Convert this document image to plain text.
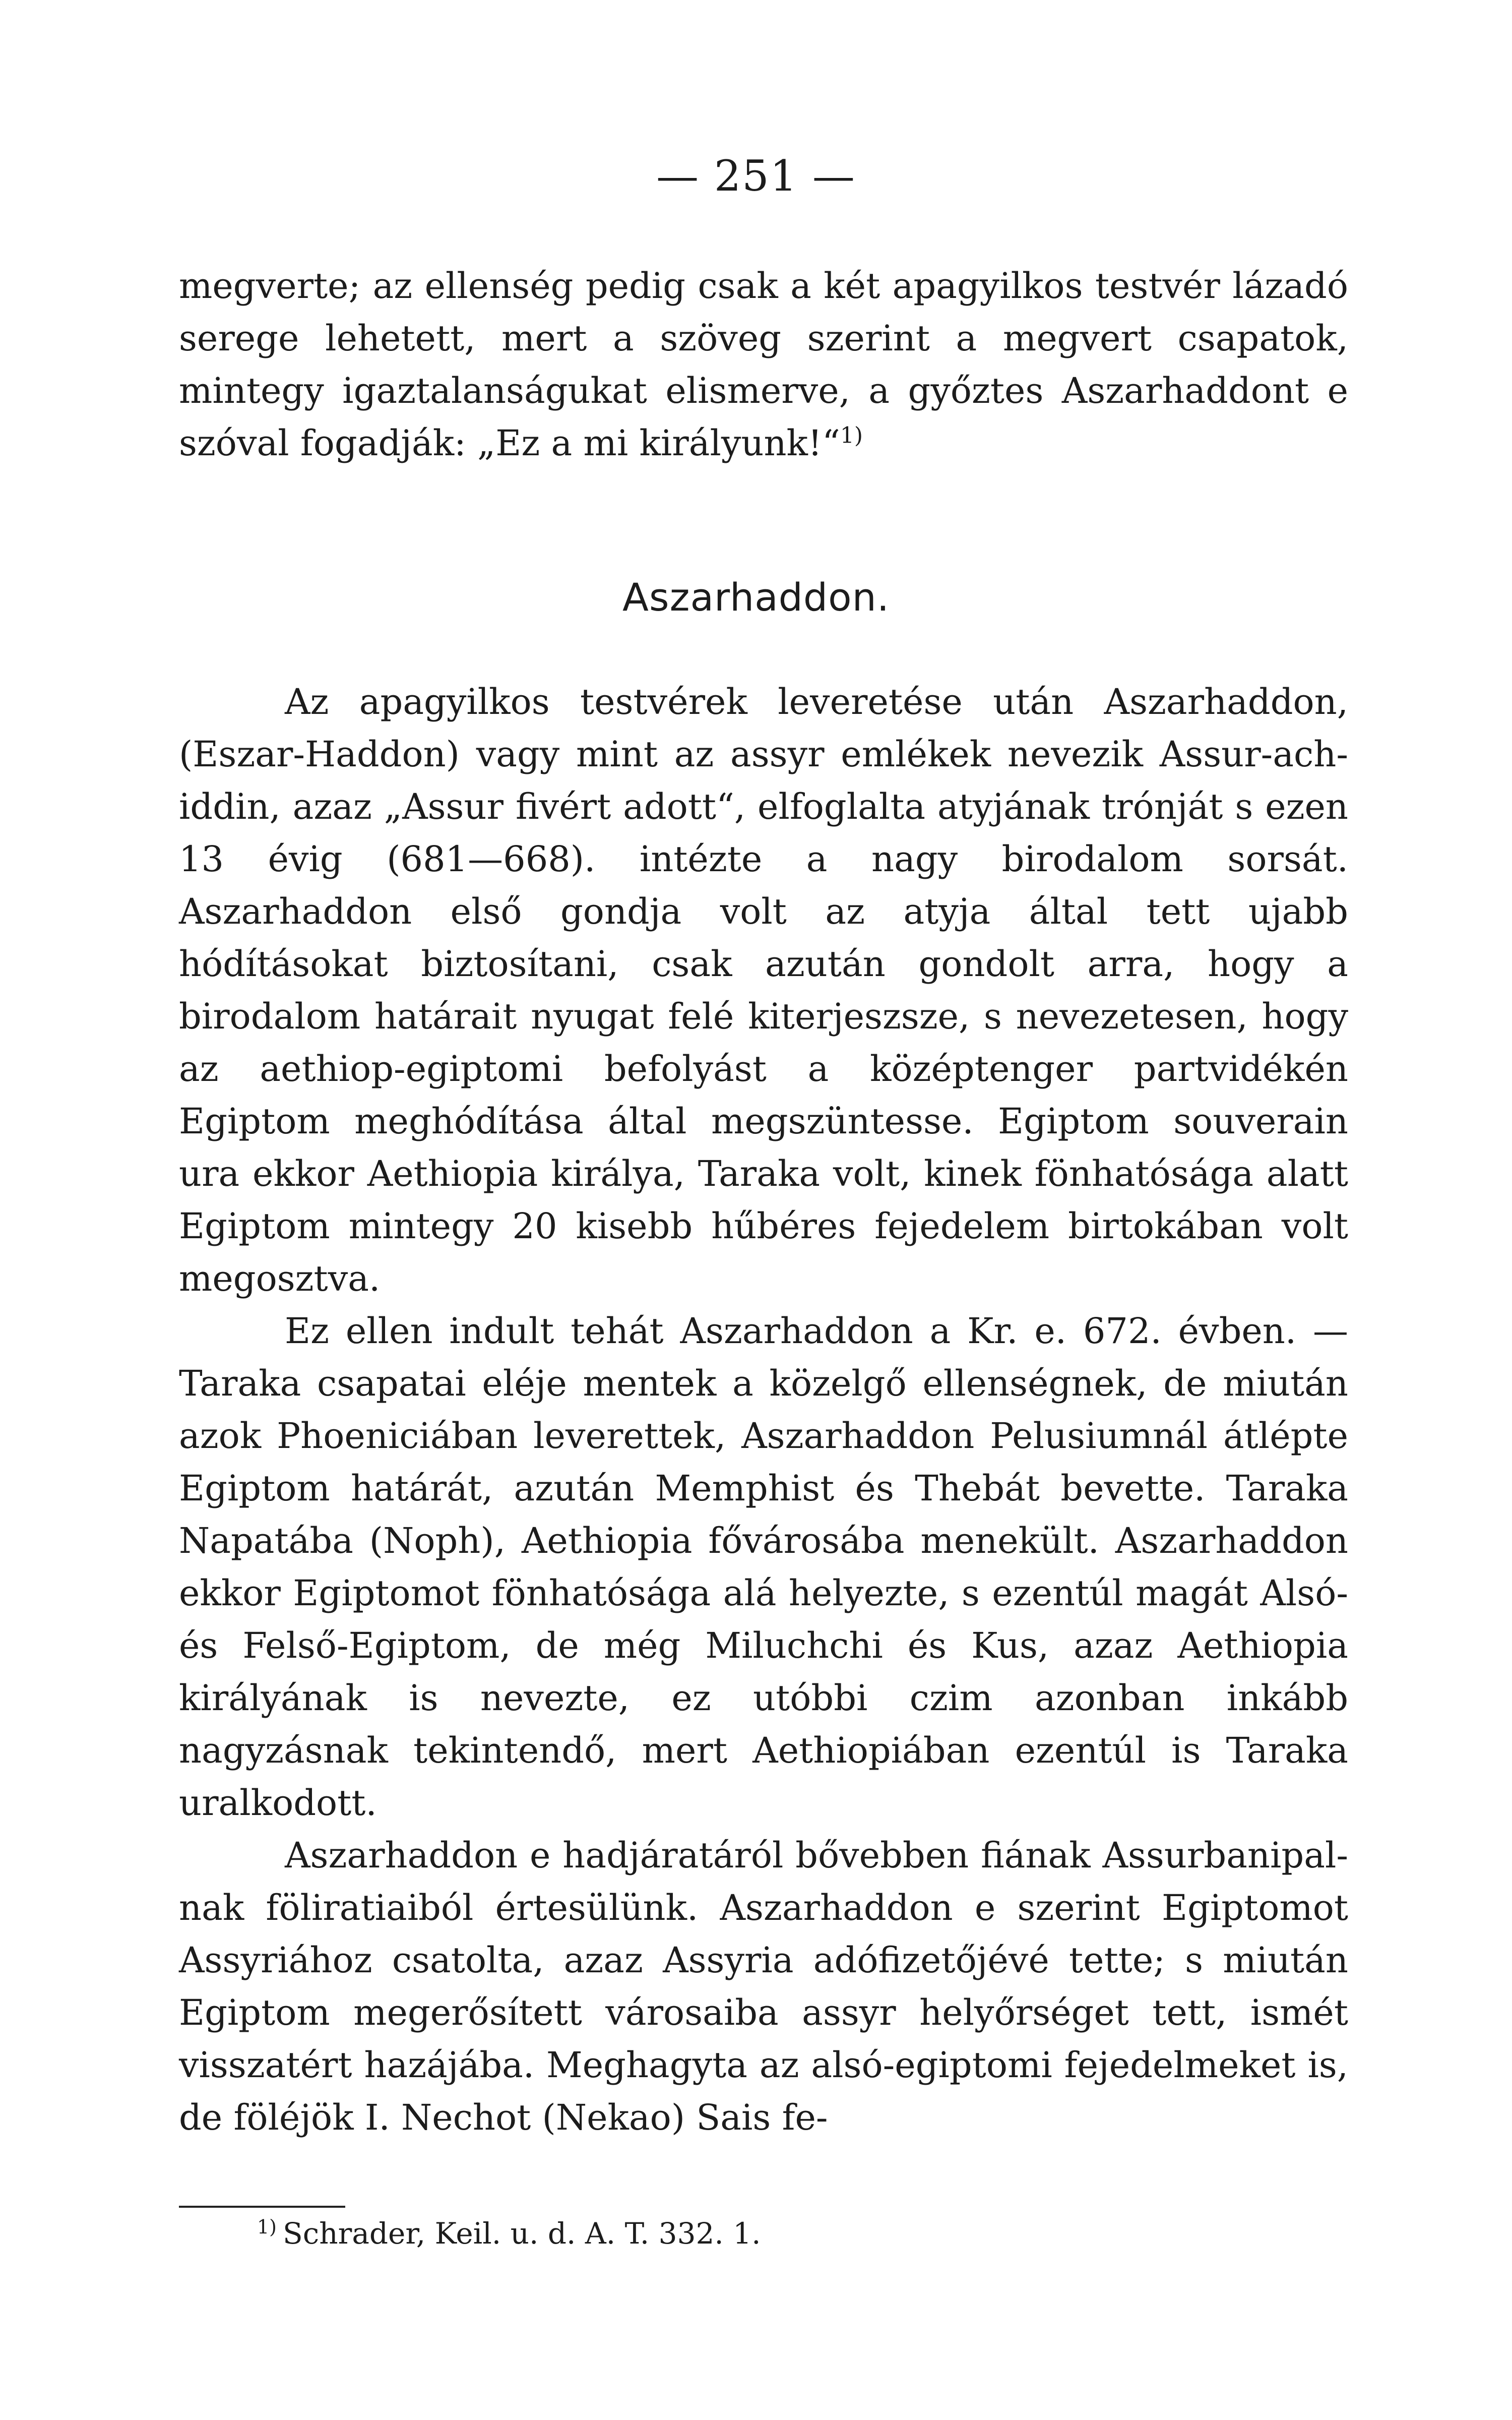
— 251 —

megverte; az ellenség pedig csak a két apagyilkos testvér lázadó serege lehetett, mert a szöveg szerint a megvert csapatok, mintegy igaztalanságukat elismerve, a győztes Aszarhaddont e szóval fogadják: „Ez a mi királyunk!“$^{1)}$

Aszarhaddon.

Az apagyilkos testvérek leveretése után Aszarhaddon, (Eszar-Haddon) vagy mint az assyr emlékek nevezik Assur-ach-iddin, azaz „Assur fivért adott“, elfoglalta atyjának trónját s ezen 13 évig (681—668). intézte a nagy birodalom sorsát. Aszarhaddon első gondja volt az atyja által tett ujabb hódításokat biztosítani, csak azután gondolt arra, hogy a birodalom határait nyugat felé kiterjeszsze, s nevezetesen, hogy az aethiop-egiptomi befolyást a középtenger partvidékén Egiptom meghódítása által megszüntesse. Egiptom souverain ura ekkor Aethiopia királya, Taraka volt, kinek fönhatósága alatt Egiptom mintegy 20 kisebb hűbéres fejedelem birtokában volt megosztva.

Ez ellen indult tehát Aszarhaddon a Kr. e. 672. évben. — Taraka csapatai eléje mentek a közelgő ellenségnek, de miután azok Phoeniciában leverettek, Aszarhaddon Pelusiumnál átlépte Egiptom határát, azután Memphist és Thebát bevette. Taraka Napatába (Noph), Aethiopia fővárosába menekült. Aszarhaddon ekkor Egiptomot fönhatósága alá helyezte, s ezentúl magát Alsó- és Felső-Egiptom, de még Miluchchi és Kus, azaz Aethiopia királyának is nevezte, ez utóbbi czim azonban inkább nagyzásnak tekintendő, mert Aethiopiában ezentúl is Taraka uralkodott.

Aszarhaddon e hadjáratáról bővebben fiának Assurbanipal-nak föliratiaiból értesülünk. Aszarhaddon e szerint Egiptomot Assyriához csatolta, azaz Assyria adófizetőjévé tette; s miután Egiptom megerősített városaiba assyr helyőrséget tett, ismét visszatért hazájába. Meghagyta az alsó-egiptomi fejedelmeket is, de föléjök I. Nechot (Nekao) Sais fe-

$^{1)}$ Schrader, Keil. u. d. A. T. 332. 1.
